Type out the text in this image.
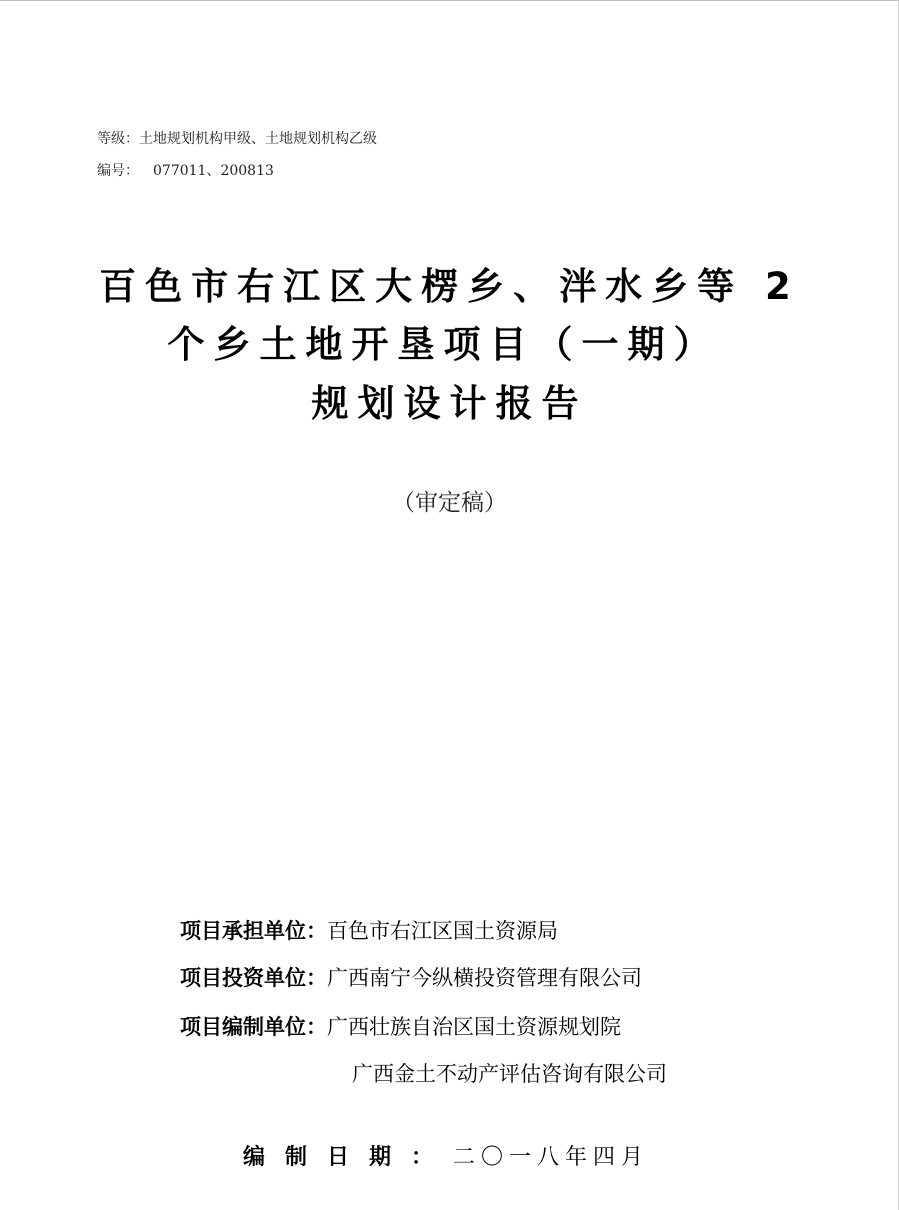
等级：土地规划机构甲级、土地规划机构乙级
编号： 077011、200813
百色市右江区大楞乡、泮水乡等 2
个乡土地开垦项目（一期）
规划设计报告
（审定稿）
项目承担单位：百色市右江区国土资源局
项目投资单位：广西南宁今纵横投资管理有限公司
项目编制单位：广西壮族自治区国土资源规划院
广西金土不动产评估咨询有限公司
编制日期：二〇一八年四月
